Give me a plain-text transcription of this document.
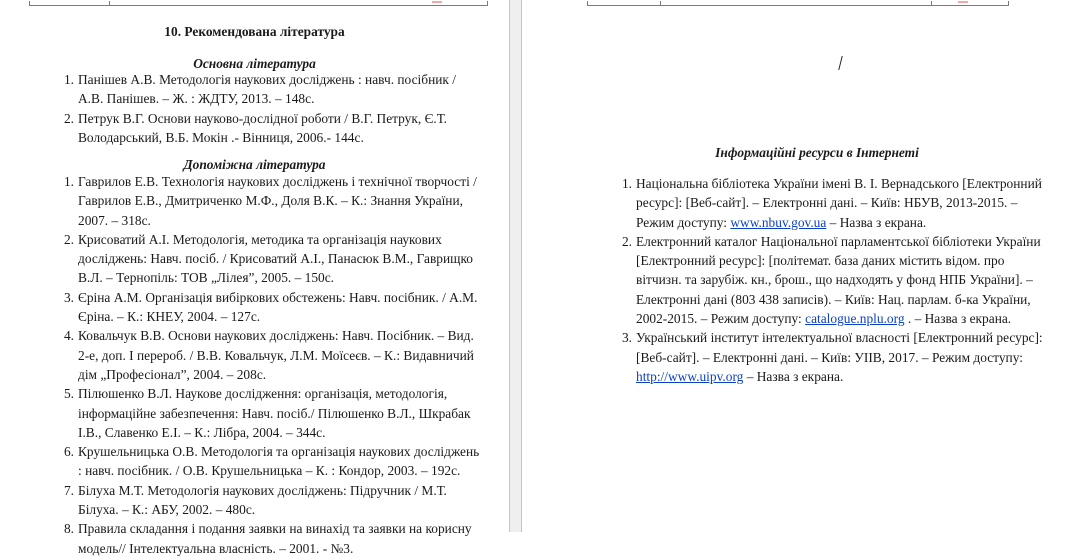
10. Рекомендована література
Основна література
1. Панішев А.В. Методологія наукових досліджень : навч. посібник / А.В. Панішев. – Ж. : ЖДТУ, 2013. – 148с.
2. Петрук В.Г. Основи науково-дослідної роботи / В.Г. Петрук, Є.Т. Володарський, В.Б. Мокін .- Вінниця, 2006.- 144с.
Допоміжна література
1. Гаврилов Е.В. Технологія наукових досліджень і технічної творчості / Гаврилов Е.В., Дмитриченко М.Ф., Доля В.К. – К.: Знання України, 2007. – 318с.
2. Крисоватий А.І. Методологія, методика та організація наукових досліджень: Навч. посіб. / Крисоватий А.І., Панасюк В.М., Гаврищко В.Л. – Тернопіль: ТОВ „Лілея”, 2005. – 150с.
3. Єріна А.М. Організація вибіркових обстежень: Навч. посібник. / А.М. Єріна. – К.: КНЕУ, 2004. – 127с.
4. Ковальчук В.В. Основи наукових досліджень: Навч. Посібник. – Вид. 2-е, доп. І перероб. / В.В. Ковальчук, Л.М. Моїсеєв. – К.: Видавничий дім „Професіонал”, 2004. – 208с.
5. Пілюшенко В.Л. Наукове дослідження: організація, методологія, інформаційне забезпечення: Навч. посіб./ Пілюшенко В.Л., Шкрабак І.В., Славенко Е.І. – К.: Лібра, 2004. – 344с.
6. Крушельницька О.В. Методологія та організація наукових досліджень : навч. посібник. / О.В. Крушельницька – К. : Кондор, 2003. – 192с.
7. Білуха М.Т. Методологія наукових досліджень: Підручник / М.Т. Білуха. – К.: АБУ, 2002. – 480с.
8. Правила складання і подання заявки на винахід та заявки на корисну модель// Інтелектуальна власність. – 2001. - №3.
Інформаційні ресурси в Інтернеті
1. Національна бібліотека України імені В. І. Вернадського [Електронний ресурс]: [Веб-сайт]. – Електронні дані. – Київ: НБУВ, 2013-2015. – Режим доступу: www.nbuv.gov.ua – Назва з екрана.
2. Електронний каталог Національної парламентської бібліотеки України [Електронний ресурс]: [політемат. база даних містить відом. про вітчизн. та зарубіж. кн., брош., що надходять у фонд НПБ України]. – Електронні дані (803 438 записів). – Київ: Нац. парлам. б-ка України, 2002-2015. – Режим доступу: catalogue.nplu.org . – Назва з екрана.
3. Український інститут інтелектуальної власності [Електронний ресурс]: [Веб-сайт]. – Електронні дані. – Київ: УІІВ, 2017. – Режим доступу: http://www.uipv.org – Назва з екрана.
